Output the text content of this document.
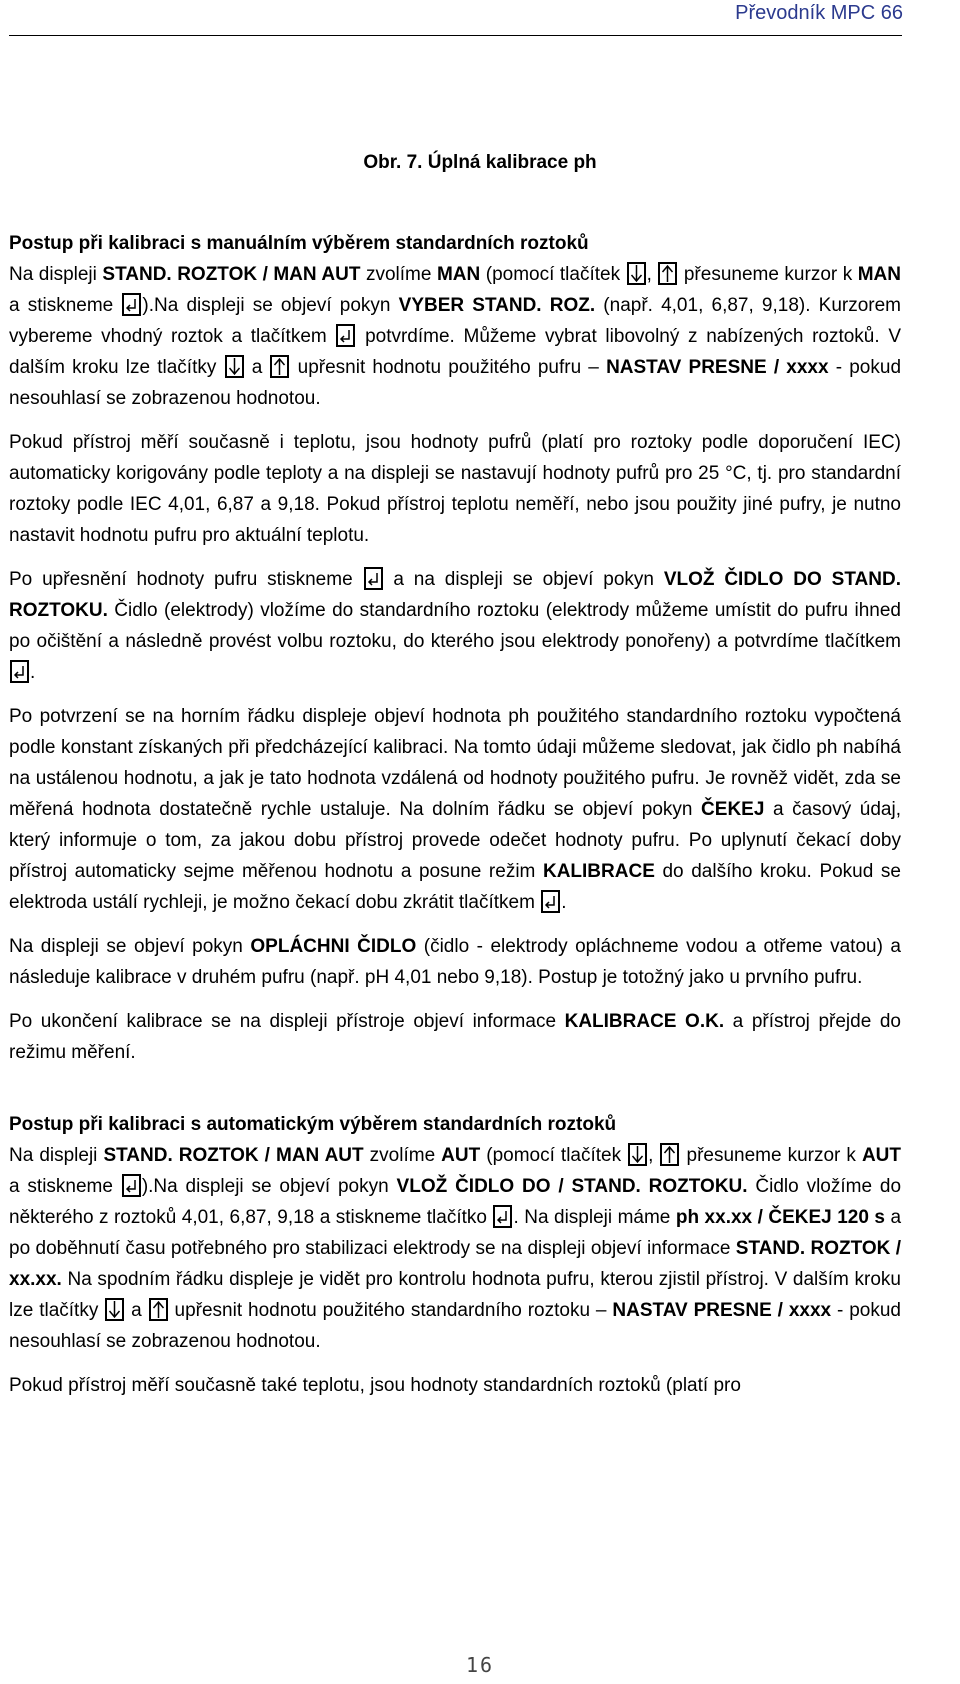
Převodník MPC 66
Obr. 7. Úplná kalibrace ph
Postup při kalibraci s manuálním výběrem standardních roztoků

Na displeji STAND. ROZTOK / MAN AUT zvolíme MAN (pomocí tlačítek
,
přesuneme kurzor k MAN a stiskneme
).Na displeji se objeví pokyn VYBER STAND. ROZ. (např. 4,01, 6,87, 9,18). Kurzorem vybereme vhodný roztok a tlačítkem
potvrdíme. Můžeme vybrat libovolný z nabízených roztoků. V dalším kroku lze tlačítky
a
upřesnit hodnotu použitého pufru – NASTAV PRESNE / xxxx - pokud nesouhlasí se zobrazenou hodnotou.

Pokud přístroj měří současně i teplotu, jsou hodnoty pufrů (platí pro roztoky podle doporučení IEC) automaticky korigovány podle teploty a na displeji se nastavují hodnoty pufrů pro 25 °C, tj. pro standardní roztoky podle IEC 4,01, 6,87 a 9,18. Pokud přístroj teplotu neměří, nebo jsou použity jiné pufry, je nutno nastavit hodnotu pufru pro aktuální teplotu.

Po upřesnění hodnoty pufru stiskneme
a na displeji se objeví pokyn VLOŽ ČIDLO DO STAND. ROZTOKU. Čidlo (elektrody) vložíme do standardního roztoku (elektrody můžeme umístit do pufru ihned po očištění a následně provést volbu roztoku, do kterého jsou elektrody ponořeny) a potvrdíme tlačítkem
.

Po potvrzení se na horním řádku displeje objeví hodnota ph použitého standardního roztoku vypočtená podle konstant získaných při předcházející kalibraci. Na tomto údaji můžeme sledovat, jak čidlo ph nabíhá na ustálenou hodnotu, a jak je tato hodnota vzdálená od hodnoty použitého pufru. Je rovněž vidět, zda se měřená hodnota dostatečně rychle ustaluje. Na dolním řádku se objeví pokyn ČEKEJ a časový údaj, který informuje o tom, za jakou dobu přístroj provede odečet hodnoty pufru. Po uplynutí čekací doby přístroj automaticky sejme měřenou hodnotu a posune režim KALIBRACE do dalšího kroku. Pokud se elektroda ustálí rychleji, je možno čekací dobu zkrátit tlačítkem
.

Na displeji se objeví pokyn OPLÁCHNI ČIDLO (čidlo - elektrody opláchneme vodou a otřeme vatou) a následuje kalibrace v druhém pufru (např. pH 4,01 nebo 9,18). Postup je totožný jako u prvního pufru.

Po ukončení kalibrace se na displeji přístroje objeví informace KALIBRACE O.K. a přístroj přejde do režimu měření.

Postup při kalibraci s automatickým výběrem standardních roztoků

Na displeji STAND. ROZTOK / MAN AUT zvolíme AUT (pomocí tlačítek
,
přesuneme kurzor k AUT a stiskneme
).Na displeji se objeví pokyn VLOŽ ČIDLO DO / STAND. ROZTOKU. Čidlo vložíme do některého z roztoků 4,01, 6,87, 9,18 a stiskneme tlačítko
. Na displeji máme ph xx.xx / ČEKEJ 120 s a po doběhnutí času potřebného pro stabilizaci elektrody se na displeji objeví informace STAND. ROZTOK / xx.xx. Na spodním řádku displeje je vidět pro kontrolu hodnota pufru, kterou zjistil přístroj. V dalším kroku lze tlačítky
a
upřesnit hodnotu použitého standardního roztoku – NASTAV PRESNE / xxxx - pokud nesouhlasí se zobrazenou hodnotou.

Pokud přístroj měří současně také teplotu, jsou hodnoty standardních roztoků (platí pro

16
